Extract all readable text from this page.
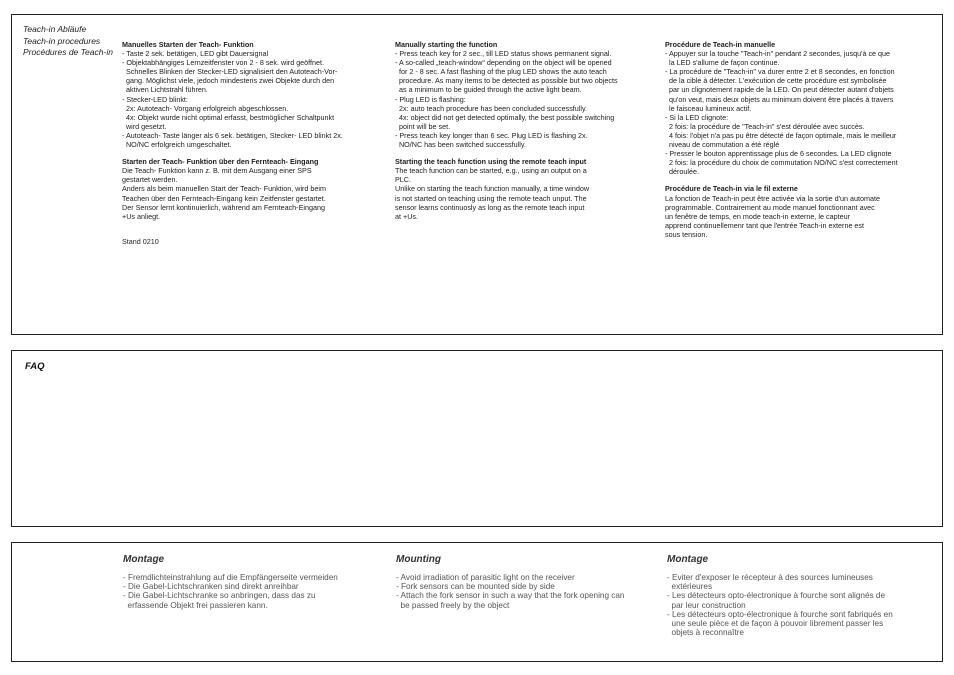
Teach-in Abläufe
Teach-in procedures
Procédures de Teach-in
Manuelles Starten der Teach- Funktion
- Taste 2 sek. betätigen, LED gibt Dauersignal
- Objektabhängiges Lernzeitfenster von 2 - 8 sek. wird geöffnet.
Schnelles Blinken der Stecker-LED signalisiert den Autoteach-Vor-
gang. Möglichst viele, jedoch mindestens zwei Objekte durch den
aktiven Lichtstrahl führen.
- Stecker-LED blinkt:
2x: Autoteach- Vorgang erfolgreich abgeschlossen.
4x: Objekt wurde nicht optimal erfasst, bestmöglicher Schaltpunkt
wird gesetzt.
- Autoteach- Taste länger als 6 sek. betätigen, Stecker- LED blinkt 2x.
NO/NC erfolgreich umgeschaltet.
Starten der Teach- Funktion über den Fernteach- Eingang
Die Teach- Funktion kann z. B. mit dem Ausgang einer SPS
gestartet werden.
Anders als beim manuellen Start der Teach- Funktion, wird beim
Teachen über den Fernteach-Eingang kein Zeitfenster gestartet.
Der Sensor lernt kontinuierlich, während am Fernteach-Eingang
+Us anliegt.
Stand 0210
Manually starting the function
- Press teach key for 2 sec., till LED status shows permanent signal.
- A so-called „teach-window“ depending on the object will be opened
for 2 - 8 sec. A fast flashing of the plug LED shows the auto teach
procedure. As many items to be detected as possible but two objects
as a minimum to be guided through the active light beam.
- Plug LED is flashing:
2x: auto teach procedure has been concluded successfully.
4x: object did not get detected optimally, the best possible switching
point will be set.
- Press teach key longer than 6 sec. Plug LED is flashing 2x.
NO/NC has been switched successfully.
Starting the teach function using the remote teach input
The teach function can be started, e.g., using an output on a
PLC.
Unlike on starting the teach function manually, a time window
is not started on teaching using the remote teach unput. The
sensor learns continuosly as long as the remote teach input
at +Us.
Procédure de Teach-in manuelle
- Appuyer sur la touche "Teach-in" pendant 2 secondes, jusqu'à ce que
la LED s'allume de façon continue.
- La procédure de "Teach-in" va durer entre 2 et 8 secondes, en fonction
de la cible à détecter. L'exécution de cette procédure est symbolisée
par un clignotement rapide de la LED. On peut détecter autant d'objets
qu'on veut, mais deux objets au minimum doivent être placés à travers
le faisceau lumineux actif.
- Si la LED clignote:
2 fois: la procédure de "Teach-in" s'est déroulée avec succès.
4 fois: l'objet n'a pas pu être détecté de façon optimale, mais le meilleur
niveau de commutation a été réglé
- Presser le bouton apprentissage plus de 6 secondes. La LED clignote
2 fois: la procédure du choix de commutation NO/NC s'est correctement
déroulée.
Procédure de Teach-in via le fil externe
La fonction de Teach-in peut être activée via la sortie d'un automate
programmable. Contrairement au mode manuel fonctionnant avec
un fenêtre de temps, en mode teach-in externe, le capteur
apprend continuellemenr tant que l'entrée Teach-in externe est
sous tension.
FAQ
Montage
- Fremdlichteinstrahlung auf die Empfängerseite vermeiden
- Die Gabel-Lichtschranken sind direkt anreihbar
- Die Gabel-Lichtschranke so anbringen, dass das zu
erfassende Objekt frei passieren kann.
Mounting
- Avoid irradiation of parasitic light on the receiver
- Fork sensors can be mounted side by side
- Attach the fork sensor in such a way that the fork opening can
be passed freely by the object
Montage
- Eviter d'exposer le récepteur à des sources lumineuses
extérieures
- Les détecteurs opto-électronique à fourche sont alignés de
par leur construction
- Les détecteurs opto-électronique à fourche sont fabriqués en
une seule pièce et de façon à pouvoir librement passer les
objets à reconnaître
